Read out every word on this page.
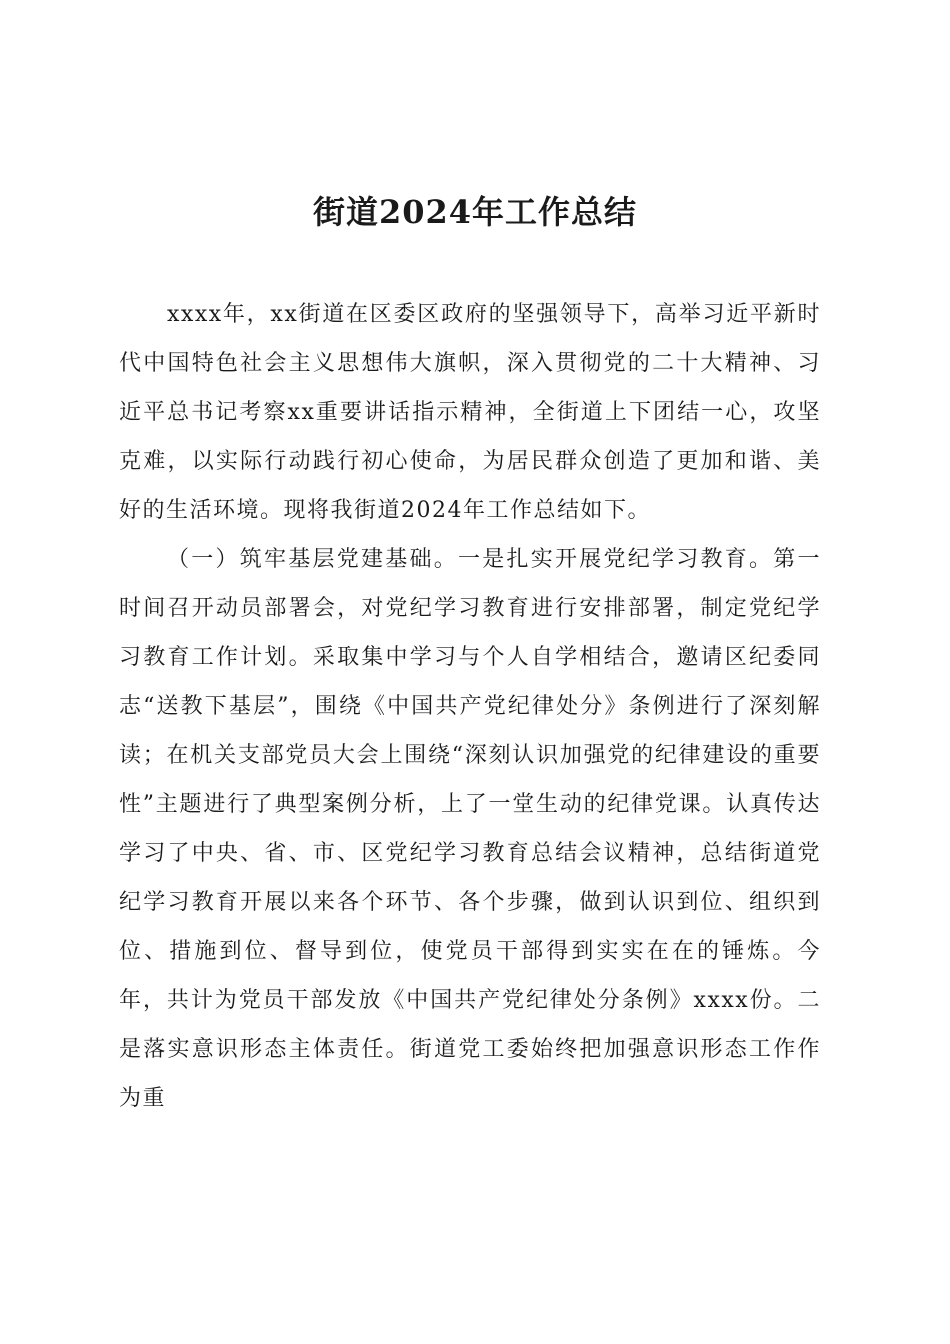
街道2024年工作总结

xxxx年，xx街道在区委区政府的坚强领导下，高举习近平新时代中国特色社会主义思想伟大旗帜，深入贯彻党的二十大精神、习近平总书记考察xx重要讲话指示精神，全街道上下团结一心，攻坚克难，以实际行动践行初心使命，为居民群众创造了更加和谐、美好的生活环境。现将我街道2024年工作总结如下。

（一）筑牢基层党建基础。一是扎实开展党纪学习教育。第一时间召开动员部署会，对党纪学习教育进行安排部署，制定党纪学习教育工作计划。采取集中学习与个人自学相结合，邀请区纪委同志“送教下基层”，围绕《中国共产党纪律处分》条例进行了深刻解读；在机关支部党员大会上围绕“深刻认识加强党的纪律建设的重要性”主题进行了典型案例分析，上了一堂生动的纪律党课。认真传达学习了中央、省、市、区党纪学习教育总结会议精神，总结街道党纪学习教育开展以来各个环节、各个步骤，做到认识到位、组织到位、措施到位、督导到位，使党员干部得到实实在在的锤炼。今年，共计为党员干部发放《中国共产党纪律处分条例》xxxx份。二是落实意识形态主体责任。街道党工委始终把加强意识形态工作作为重
